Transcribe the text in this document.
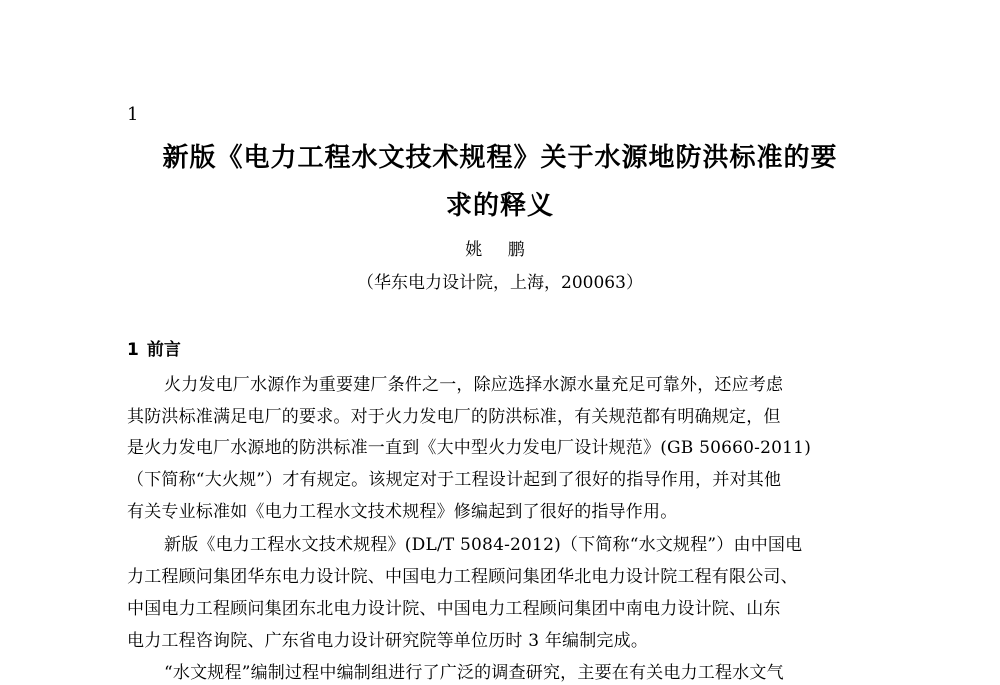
1
新版《电力工程水文技术规程》关于水源地防洪标准的要
求的释义
姚 鹏
（华东电力设计院，上海，200063）
1 前言
火力发电厂水源作为重要建厂条件之一，除应选择水源水量充足可靠外，还应考虑
其防洪标准满足电厂的要求。对于火力发电厂的防洪标准，有关规范都有明确规定，但
是火力发电厂水源地的防洪标准一直到《大中型火力发电厂设计规范》(GB 50660-2011)
（下简称“大火规”）才有规定。该规定对于工程设计起到了很好的指导作用，并对其他
有关专业标准如《电力工程水文技术规程》修编起到了很好的指导作用。
新版《电力工程水文技术规程》(DL/T 5084-2012)（下简称“水文规程”）由中国电
力工程顾问集团华东电力设计院、中国电力工程顾问集团华北电力设计院工程有限公司、
中国电力工程顾问集团东北电力设计院、中国电力工程顾问集团中南电力设计院、山东
电力工程咨询院、广东省电力设计研究院等单位历时 3 年编制完成。
“水文规程”编制过程中编制组进行了广泛的调查研究，主要在有关电力工程水文气
